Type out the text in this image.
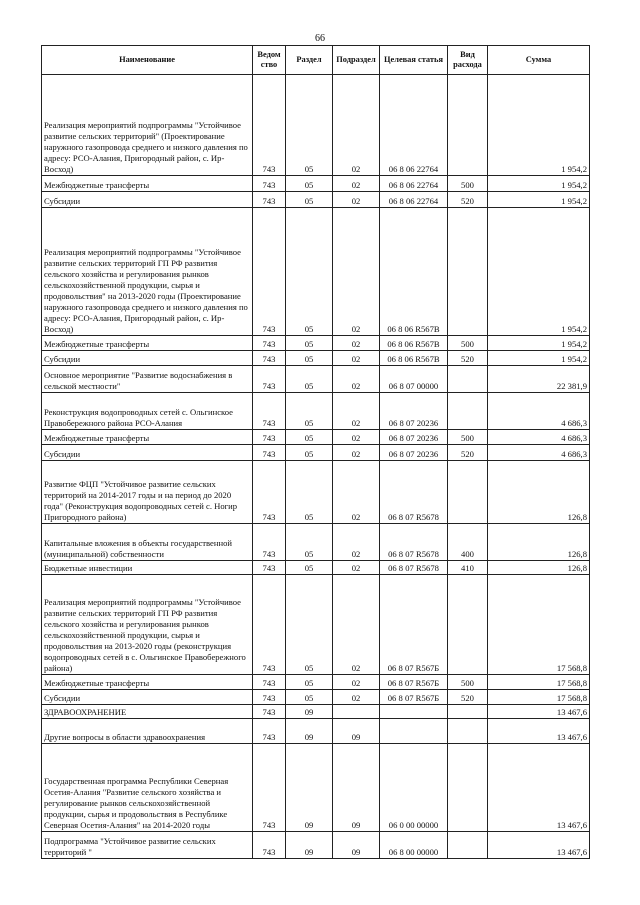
66
Наименование	Ведом ство	Раздел	Подраздел	Целевая статья	Вид расхода	Сумма
Реализация мероприятий подпрограммы "Устойчивое развитие сельских территорий" (Проектирование наружного газопровода среднего и низкого давления по адресу: РСО-Алания, Пригородный район, с. Ир-Восход)	743	05	02	06 8 06 22764		1 954,2
Межбюджетные трансферты	743	05	02	06 8 06 22764	500	1 954,2
Субсидии	743	05	02	06 8 06 22764	520	1 954,2
Реализация мероприятий подпрограммы "Устойчивое развитие сельских территорий ГП РФ развития сельского хозяйства и регулирования рынков сельскохозяйственной продукции, сырья и продовольствия" на 2013-2020 годы (Проектирование наружного газопровода среднего и низкого давления по адресу: РСО-Алания, Пригородный район, с. Ир-Восход)	743	05	02	06 8 06 R567В		1 954,2
Межбюджетные трансферты	743	05	02	06 8 06 R567В	500	1 954,2
Субсидии	743	05	02	06 8 06 R567В	520	1 954,2
Основное мероприятие "Развитие водоснабжения в сельской местности"	743	05	02	06 8 07 00000		22 381,9
Реконструкция водопроводных сетей с. Ольгинское Правобережного района РСО-Алания	743	05	02	06 8 07 20236		4 686,3
Межбюджетные трансферты	743	05	02	06 8 07 20236	500	4 686,3
Субсидии	743	05	02	06 8 07 20236	520	4 686,3
Развитие ФЦП "Устойчивое развитие сельских территорий на 2014-2017 годы и на период до 2020 года" (Реконструкция водопроводных сетей с. Ногир Пригородного района)	743	05	02	06 8 07 R5678		126,8
Капитальные вложения в объекты государственной (муниципальной) собственности	743	05	02	06 8 07 R5678	400	126,8
Бюджетные инвестиции	743	05	02	06 8 07 R5678	410	126,8
Реализация мероприятий подпрограммы "Устойчивое развитие сельских территорий ГП РФ развития сельского хозяйства и регулирования рынков сельскохозяйственной продукции, сырья и продовольствия на 2013-2020 годы (реконструкция водопроводных сетей в с. Ольгинское Правобережного района)	743	05	02	06 8 07 R567Б		17 568,8
Межбюджетные трансферты	743	05	02	06 8 07 R567Б	500	17 568,8
Субсидии	743	05	02	06 8 07 R567Б	520	17 568,8
ЗДРАВООХРАНЕНИЕ	743	09				13 467,6
Другие вопросы в области здравоохранения	743	09	09			13 467,6
Государственная программа Республики Северная Осетия-Алания "Развитие сельского хозяйства и регулирование рынков сельскохозяйственной продукции, сырья и продовольствия в Республике Северная Осетия-Алания" на 2014-2020 годы	743	09	09	06 0 00 00000		13 467,6
Подпрограмма "Устойчивое развитие сельских территорий "	743	09	09	06 8 00 00000		13 467,6
